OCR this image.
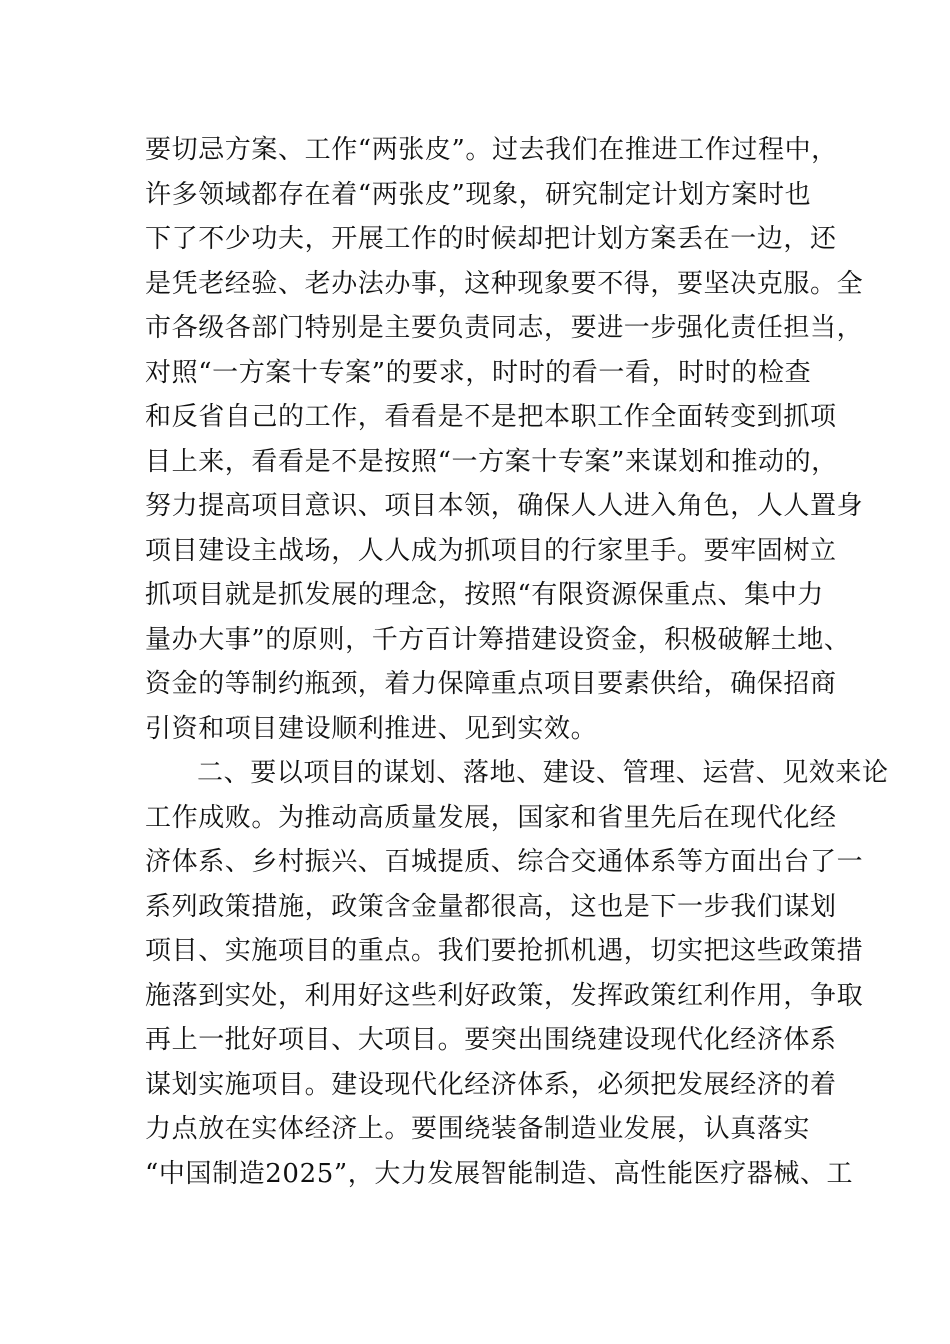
要切忌方案、工作“两张皮”。过去我们在推进工作过程中，
许多领域都存在着“两张皮”现象，研究制定计划方案时也
下了不少功夫，开展工作的时候却把计划方案丢在一边，还
是凭老经验、老办法办事，这种现象要不得，要坚决克服。全
市各级各部门特别是主要负责同志，要进一步强化责任担当，
对照“一方案十专案”的要求，时时的看一看，时时的检查
和反省自己的工作，看看是不是把本职工作全面转变到抓项
目上来，看看是不是按照“一方案十专案”来谋划和推动的，
努力提高项目意识、项目本领，确保人人进入角色，人人置身
项目建设主战场，人人成为抓项目的行家里手。要牢固树立
抓项目就是抓发展的理念，按照“有限资源保重点、集中力
量办大事”的原则，千方百计筹措建设资金，积极破解土地、
资金的等制约瓶颈，着力保障重点项目要素供给，确保招商
引资和项目建设顺利推进、见到实效。
二、要以项目的谋划、落地、建设、管理、运营、见效来论
工作成败。为推动高质量发展，国家和省里先后在现代化经
济体系、乡村振兴、百城提质、综合交通体系等方面出台了一
系列政策措施，政策含金量都很高，这也是下一步我们谋划
项目、实施项目的重点。我们要抢抓机遇，切实把这些政策措
施落到实处，利用好这些利好政策，发挥政策红利作用，争取
再上一批好项目、大项目。要突出围绕建设现代化经济体系
谋划实施项目。建设现代化经济体系，必须把发展经济的着
力点放在实体经济上。要围绕装备制造业发展，认真落实
“中国制造2025”，大力发展智能制造、高性能医疗器械、工
